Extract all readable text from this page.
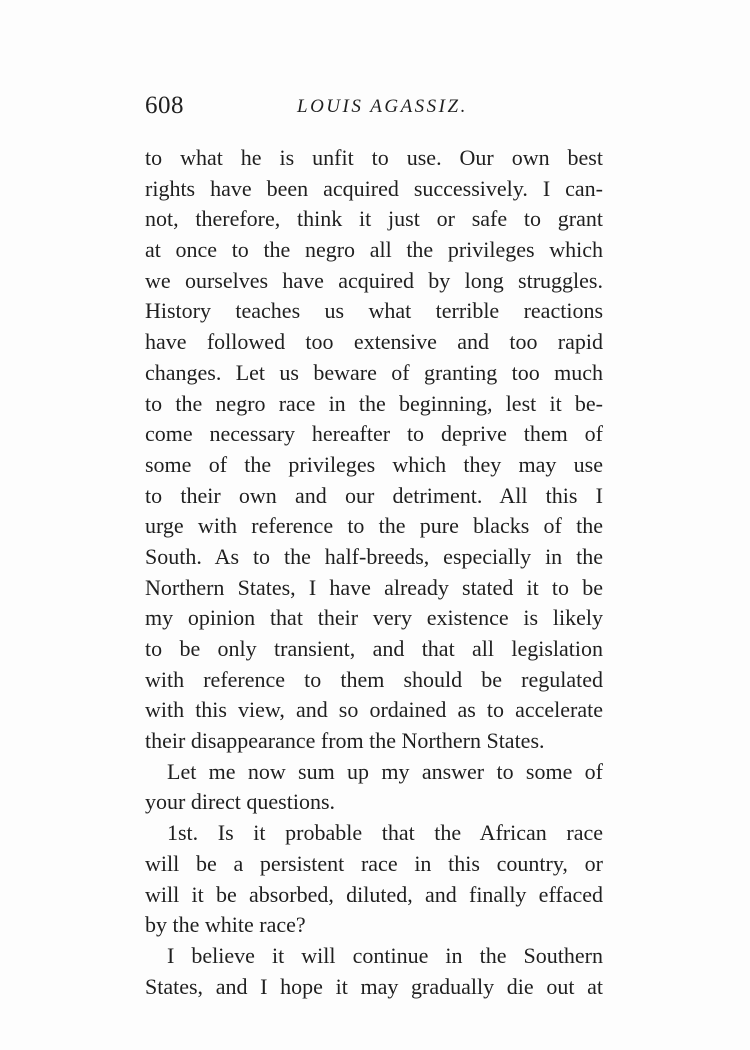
608	LOUIS AGASSIZ.
to what he is unfit to use. Our own best
rights have been acquired successively. I can-
not, therefore, think it just or safe to grant
at once to the negro all the privileges which
we ourselves have acquired by long struggles.
History teaches us what terrible reactions
have followed too extensive and too rapid
changes. Let us beware of granting too much
to the negro race in the beginning, lest it be-
come necessary hereafter to deprive them of
some of the privileges which they may use
to their own and our detriment. All this I
urge with reference to the pure blacks of the
South. As to the half-breeds, especially in the
Northern States, I have already stated it to be
my opinion that their very existence is likely
to be only transient, and that all legislation
with reference to them should be regulated
with this view, and so ordained as to accelerate
their disappearance from the Northern States.
Let me now sum up my answer to some of
your direct questions.
1st. Is it probable that the African race
will be a persistent race in this country, or
will it be absorbed, diluted, and finally effaced
by the white race?
I believe it will continue in the Southern
States, and I hope it may gradually die out at
